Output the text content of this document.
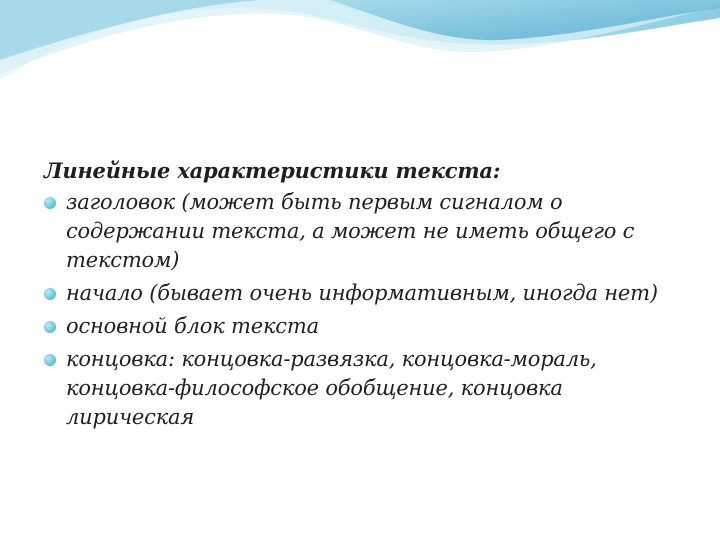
Линейные характеристики текста:
заголовок (может быть первым сигналом о содержании текста, а может не иметь общего с текстом)
начало (бывает очень информативным, иногда нет)
основной блок текста
концовка: концовка-развязка, концовка-мораль, концовка-философское обобщение, концовка лирическая
